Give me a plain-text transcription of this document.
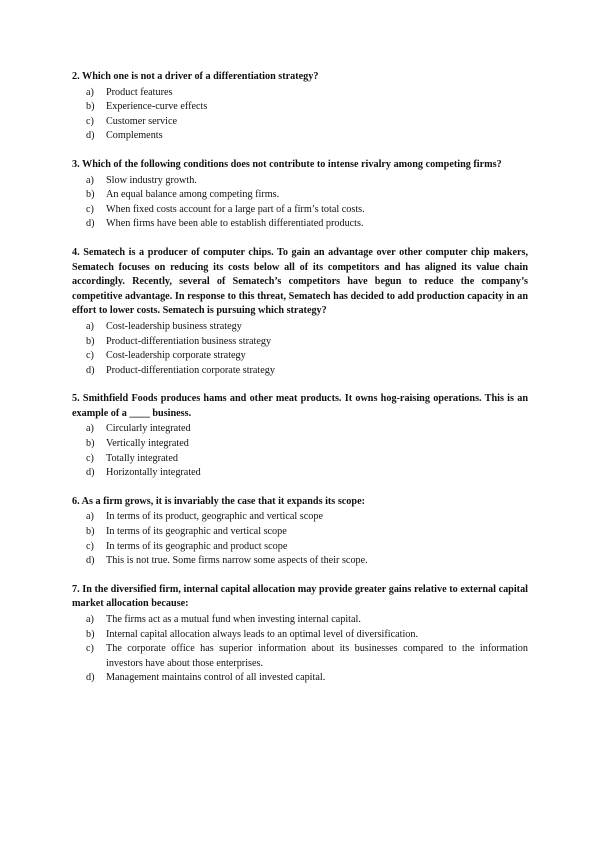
2. Which one is not a driver of a differentiation strategy?

a)	Product features
b)	Experience-curve effects
c)	Customer service
d)	Complements

3. Which of the following conditions does not contribute to intense rivalry among competing firms?

a)	Slow industry growth.
b)	An equal balance among competing firms.
c)	When fixed costs account for a large part of a firm’s total costs.
d)	When firms have been able to establish differentiated products.

4. Sematech is a producer of computer chips. To gain an advantage over other computer chip makers, Sematech focuses on reducing its costs below all of its competitors and has aligned its value chain accordingly. Recently, several of Sematech’s competitors have begun to reduce the company’s competitive advantage. In response to this threat, Sematech has decided to add production capacity in an effort to lower costs. Sematech is pursuing which strategy?

a)	Cost-leadership business strategy
b)	Product-differentiation business strategy
c)	Cost-leadership corporate strategy
d)	Product-differentiation corporate strategy

5. Smithfield Foods produces hams and other meat products. It owns hog-raising operations. This is an example of a ____ business.

a)	Circularly integrated
b)	Vertically integrated
c)	Totally integrated
d)	Horizontally integrated

6. As a firm grows, it is invariably the case that it expands its scope:

a)	In terms of its product, geographic and vertical scope
b)	In terms of its geographic and vertical scope
c)	In terms of its geographic and product scope
d)	This is not true. Some firms narrow some aspects of their scope.

7. In the diversified firm, internal capital allocation may provide greater gains relative to external capital market allocation because:

a)	The firms act as a mutual fund when investing internal capital.
b)	Internal capital allocation always leads to an optimal level of diversification.
c)	The corporate office has superior information about its businesses compared to the information investors have about those enterprises.
d)	Management maintains control of all invested capital.
